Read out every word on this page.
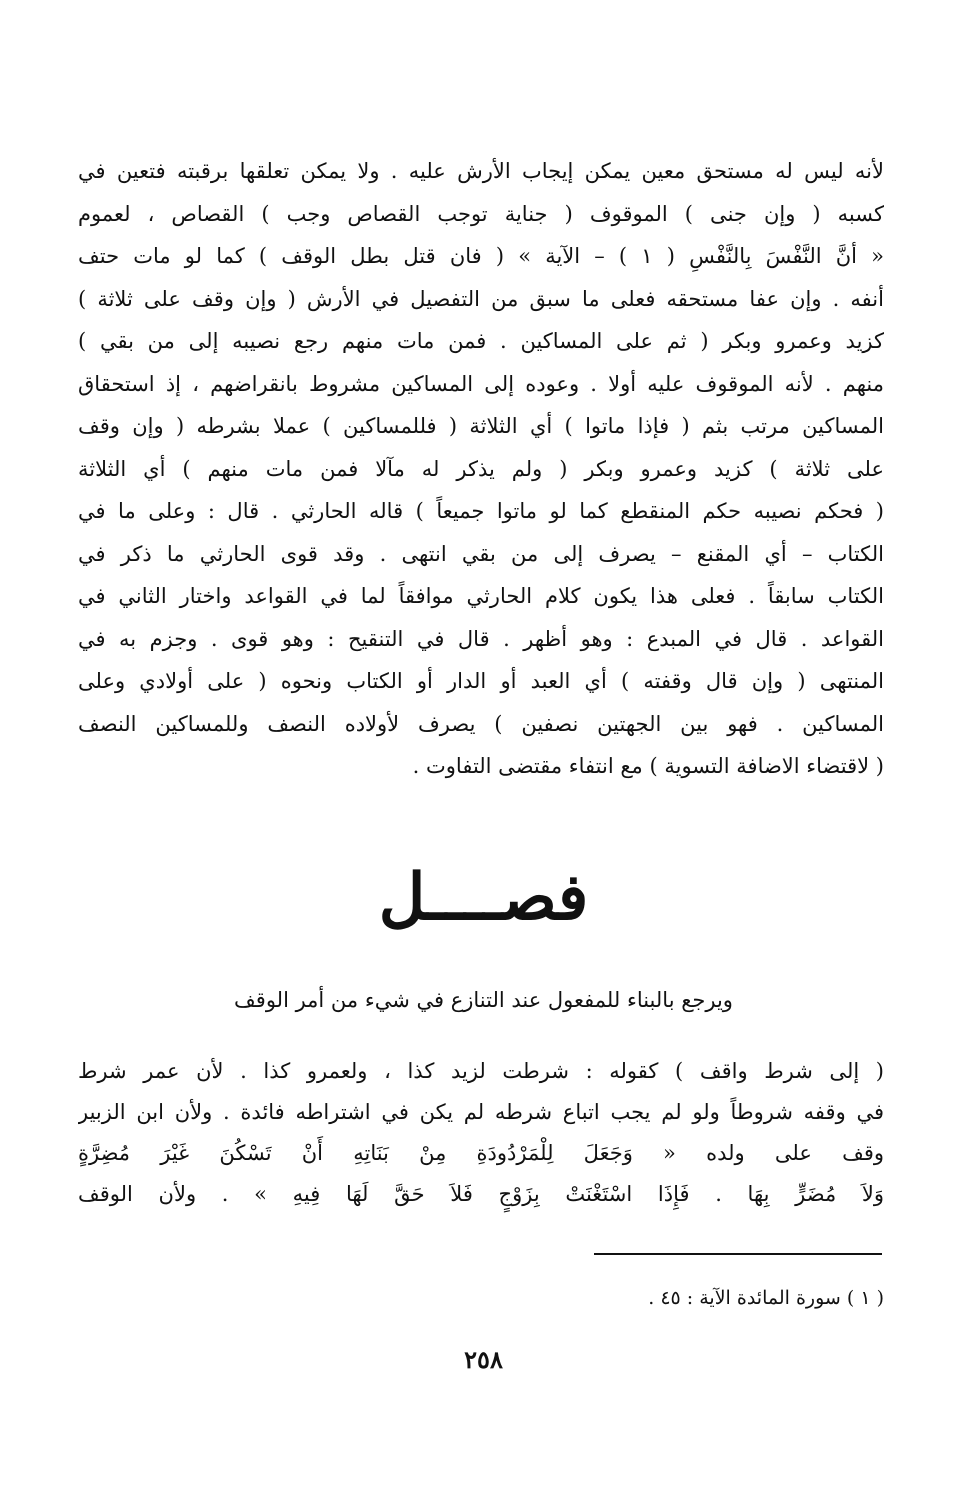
لأنه ليس له مستحق معين يمكن إيجاب الأرش عليه . ولا يمكن تعلقها برقبته فتعين في
كسبه ( وإن جنى ) الموقوف ( جناية توجب القصاص وجب ) القصاص ، لعموم
« أنَّ النَّفْسَ بِالنَّفْسِ ( ١ ) – الآية » ( فان قتل بطل الوقف ) كما لو مات حتف
أنفه . وإن عفا مستحقه فعلى ما سبق من التفصيل في الأرش ( وإن وقف على ثلاثة )
كزيد وعمرو وبكر ( ثم على المساكين . فمن مات منهم رجع نصيبه إلى من بقي )
منهم . لأنه الموقوف عليه أولا . وعوده إلى المساكين مشروط بانقراضهم ، إذ استحقاق
المساكين مرتب بثم ( فإذا ماتوا ) أي الثلاثة ( فللمساكين ) عملا بشرطه ( وإن وقف
على ثلاثة ) كزيد وعمرو وبكر ( ولم يذكر له مآلا فمن مات منهم ) أي الثلاثة
( فحكم نصيبه حكم المنقطع كما لو ماتوا جميعاً ) قاله الحارثي . قال : وعلى ما في
الكتاب – أي المقنع – يصرف إلى من بقي انتهى . وقد قوى الحارثي ما ذكر في
الكتاب سابقاً . فعلى هذا يكون كلام الحارثي موافقاً لما في القواعد واختار الثاني في
القواعد . قال في المبدع : وهو أظهر . قال في التنقيح : وهو قوى . وجزم به في
المنتهى ( وإن قال وقفته ) أي العبد أو الدار أو الكتاب ونحوه ( على أولادي وعلى
المساكين . فهو بين الجهتين نصفين ) يصرف لأولاده النصف وللمساكين النصف
( لاقتضاء الاضافة التسوية ) مع انتفاء مقتضى التفاوت .
فصــــل
ويرجع بالبناء للمفعول عند التنازع في شيء من أمر الوقف
( إلى شرط واقف ) كقوله : شرطت لزيد كذا ، ولعمرو كذا . لأن عمر شرط
في وقفه شروطاً ولو لم يجب اتباع شرطه لم يكن في اشتراطه فائدة . ولأن ابن الزبير
وقف على ولده « وَجَعَلَ لِلْمَرْدُودَةِ مِنْ بَنَاتِهِ أَنْ تَسْكُنَ غَيْرَ مُضِرَّةٍ
وَلاَ مُضَرٍّ بِهَا . فَإِذَا اسْتَغْنَتْ بِزَوْجٍ فَلاَ حَقَّ لَهَا فِيهِ » . ولأن الوقف
( ١ ) سورة المائدة الآية : ٤٥ .
٢٥٨
